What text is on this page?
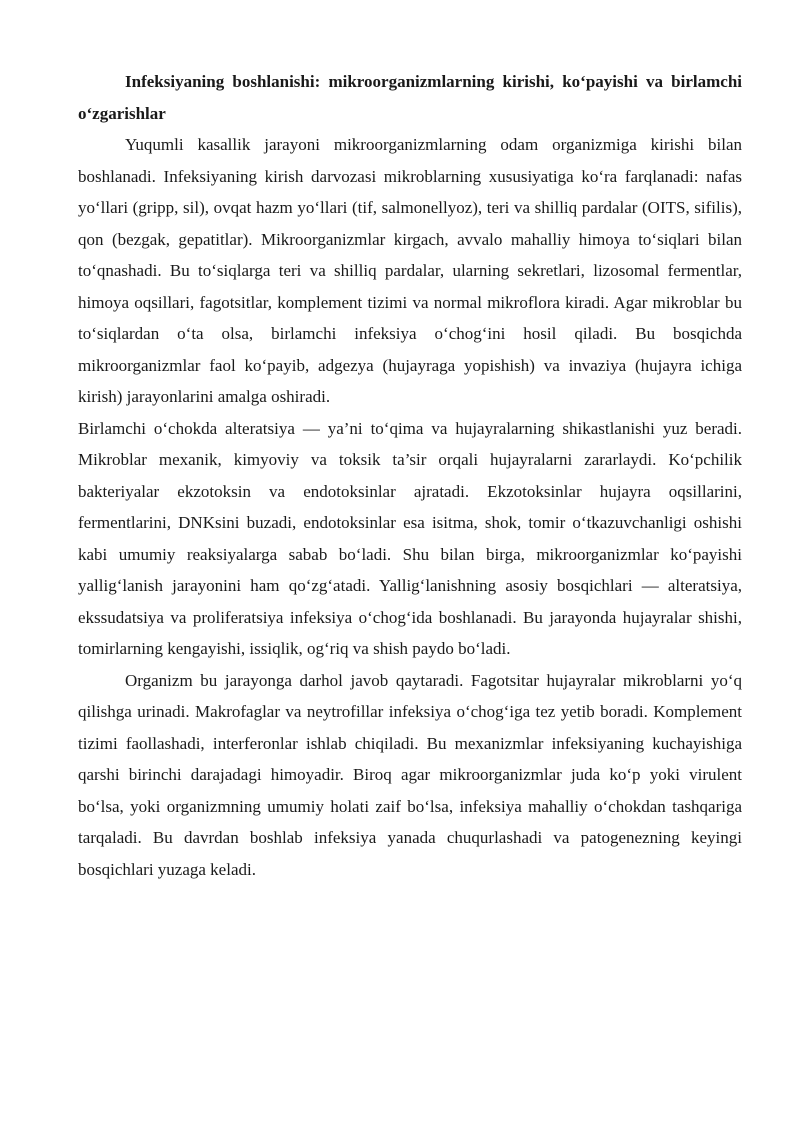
Infeksiyaning boshlanishi: mikroorganizmlarning kirishi, ko‘payishi va birlamchi o‘zgarishlar

Yuqumli kasallik jarayoni mikroorganizmlarning odam organizmiga kirishi bilan boshlanadi. Infeksiyaning kirish darvozasi mikroblarning xususiyatiga ko‘ra farqlanadi: nafas yo‘llari (gripp, sil), ovqat hazm yo‘llari (tif, salmonellyoz), teri va shilliq pardalar (OITS, sifilis), qon (bezgak, gepatitlar). Mikroorganizmlar kirgach, avvalo mahalliy himoya to‘siqlari bilan to‘qnashadi. Bu to‘siqlarga teri va shilliq pardalar, ularning sekretlari, lizosomal fermentlar, himoya oqsillari, fagotsitlar, komplement tizimi va normal mikroflora kiradi. Agar mikroblar bu to‘siqlardan o‘ta olsa, birlamchi infeksiya o‘chog‘ini hosil qiladi. Bu bosqichda mikroorganizmlar faol ko‘payib, adgezya (hujayraga yopishish) va invaziya (hujayra ichiga kirish) jarayonlarini amalga oshiradi.

Birlamchi o‘chokda alteratsiya — ya’ni to‘qima va hujayralarning shikastlanishi yuz beradi. Mikroblar mexanik, kimyoviy va toksik ta’sir orqali hujayralarni zararlaydi. Ko‘pchilik bakteriyalar ekzotoksin va endotoksinlar ajratadi. Ekzotoksinlar hujayra oqsillarini, fermentlarini, DNKsini buzadi, endotoksinlar esa isitma, shok, tomir o‘tkazuvchanligi oshishi kabi umumiy reaksiyalarga sabab bo‘ladi. Shu bilan birga, mikroorganizmlar ko‘payishi yallig‘lanish jarayonini ham qo‘zg‘atadi. Yallig‘lanishning asosiy bosqichlari — alteratsiya, ekssudatsiya va proliferatsiya infeksiya o‘chog‘ida boshlanadi. Bu jarayonda hujayralar shishi, tomirlarning kengayishi, issiqlik, og‘riq va shish paydo bo‘ladi.

Organizm bu jarayonga darhol javob qaytaradi. Fagotsitar hujayralar mikroblarni yo‘q qilishga urinadi. Makrofaglar va neytrofillar infeksiya o‘chog‘iga tez yetib boradi. Komplement tizimi faollashadi, interferonlar ishlab chiqiladi. Bu mexanizmlar infeksiyaning kuchayishiga qarshi birinchi darajadagi himoyadir. Biroq agar mikroorganizmlar juda ko‘p yoki virulent bo‘lsa, yoki organizmning umumiy holati zaif bo‘lsa, infeksiya mahalliy o‘chokdan tashqariga tarqaladi. Bu davrdan boshlab infeksiya yanada chuqurlashadi va patogenezning keyingi bosqichlari yuzaga keladi.
